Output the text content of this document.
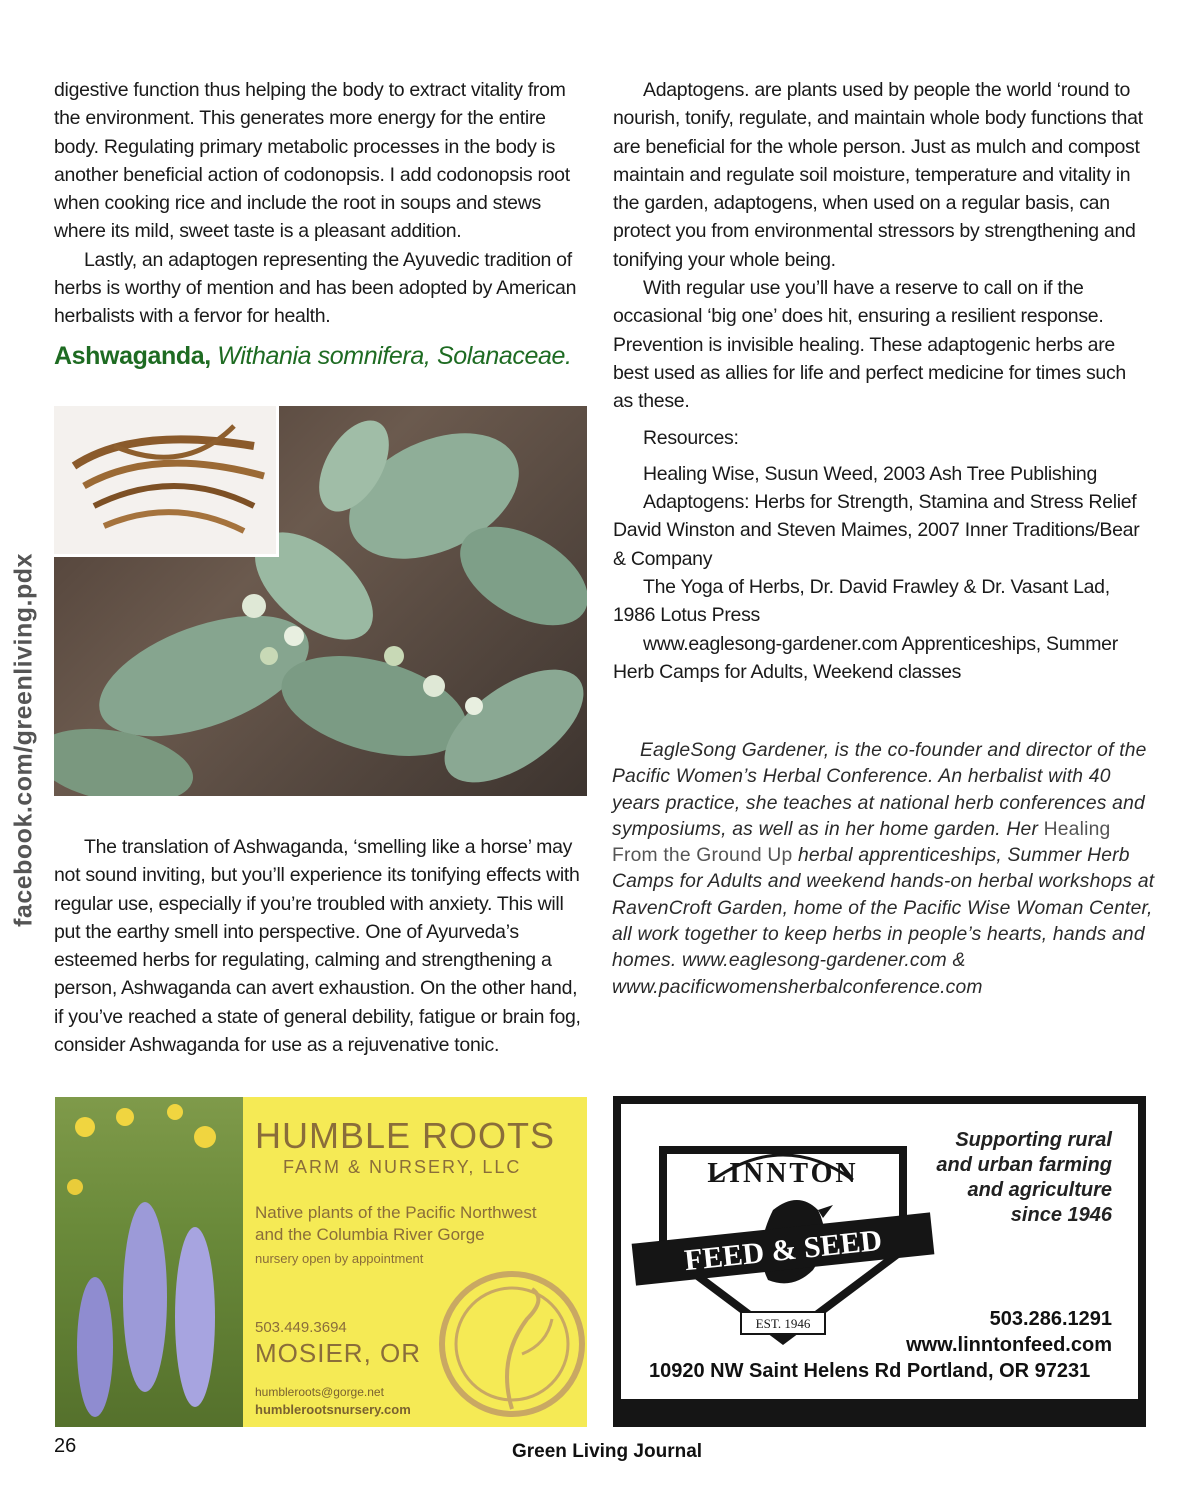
facebook.com/greenliving.pdx

digestive function thus helping the body to extract vitality from the environment. This generates more energy for the entire body. Regulating primary metabolic processes in the body is another beneficial action of codonopsis. I add codonopsis root when cooking rice and include the root in soups and stews where its mild, sweet taste is a pleasant addition.

Lastly, an adaptogen representing the Ayuvedic tradition of herbs is worthy of mention and has been adopted by American herbalists with a fervor for health.

Ashwaganda, Withania somnifera, Solanaceae.

The translation of Ashwaganda, ‘smelling like a horse’ may not sound inviting, but you’ll experience its tonifying effects with regular use, especially if you’re troubled with anxiety. This will put the earthy smell into perspective. One of Ayurveda’s esteemed herbs for regulating, calming and strengthening a person, Ashwaganda can avert exhaustion. On the other hand, if you’ve reached a state of general debility, fatigue or brain fog, consider Ashwaganda for use as a rejuvenative tonic.

Adaptogens. are plants used by people the world ‘round to nourish, tonify, regulate, and maintain whole body functions that are beneficial for the whole person. Just as mulch and compost maintain and regulate soil moisture, temperature and vitality in the garden, adaptogens, when used on a regular basis, can protect you from environmental stressors by strengthening and tonifying your whole being.

With regular use you’ll have a reserve to call on if the occasional ‘big one’ does hit, ensuring a resilient response. Prevention is invisible healing. These adaptogenic herbs are best used as allies for life and perfect medicine for times such as these.

Resources:

Healing Wise, Susun Weed, 2003 Ash Tree Publishing

Adaptogens: Herbs for Strength, Stamina and Stress Relief David Winston and Steven Maimes, 2007 Inner Traditions/Bear & Company

The Yoga of Herbs, Dr. David Frawley & Dr. Vasant Lad, 1986 Lotus Press

www.eaglesong-gardener.com Apprenticeships, Summer Herb Camps for Adults, Weekend classes

EagleSong Gardener, is the co-founder and director of the Pacific Women’s Herbal Conference. An herbalist with 40 years practice, she teaches at national herb conferences and symposiums, as well as in her home garden. Her Healing From the Ground Up herbal apprenticeships, Summer Herb Camps for Adults and weekend hands-on herbal workshops at RavenCroft Garden, home of the Pacific Wise Woman Center, all work together to keep herbs in people’s hearts, hands and homes. www.eaglesong-gardener.com & www.pacificwomensherbalconference.com
HUMBLE ROOTS
FARM & NURSERY, LLC
Native plants of the Pacific Northwest
and the Columbia River Gorge
nursery open by appointment
503.449.3694
MOSIER, OR
humbleroots@gorge.net
humblerootsnursery.com
LINNTON
FEED & SEED
EST. 1946
Supporting rural
and urban farming
and agriculture
since 1946
503.286.1291
www.linntonfeed.com
10920 NW Saint Helens Rd Portland, OR 97231
26	Green Living Journal
